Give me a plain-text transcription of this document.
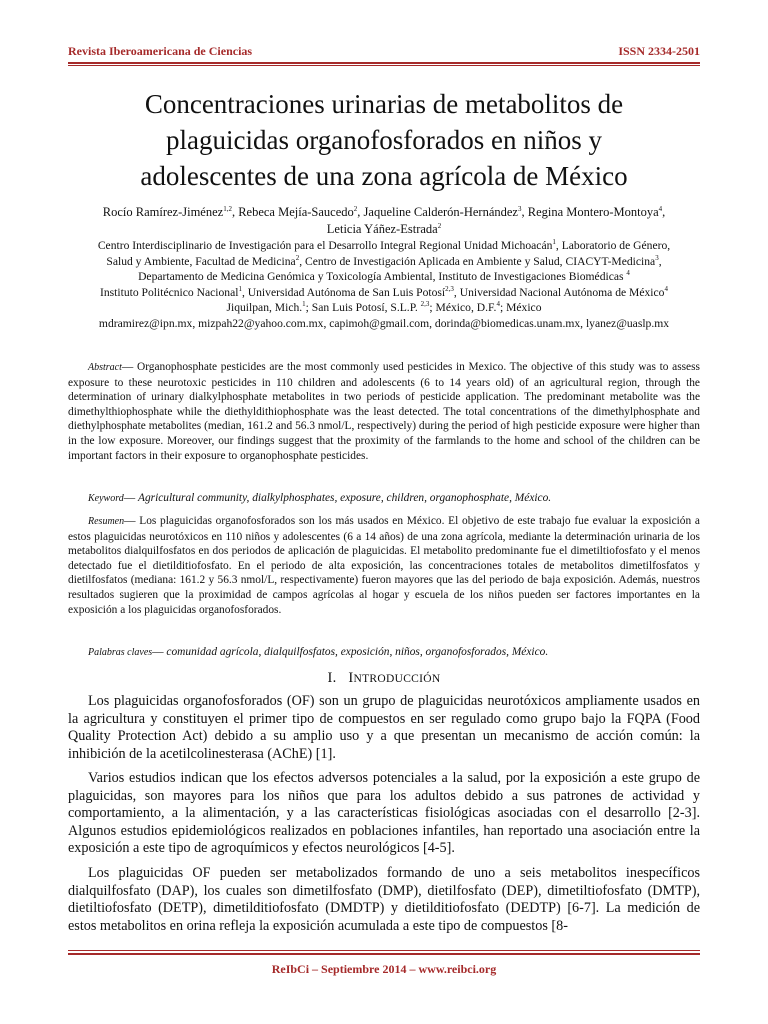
Revista Iberoamericana de Ciencias	ISSN 2334-2501
Concentraciones urinarias de metabolitos de
plaguicidas organofosforados en niños y
adolescentes de una zona agrícola de México
Rocío Ramírez-Jiménez$^{1,2}$, Rebeca Mejía-Saucedo$^2$, Jaqueline Calderón-Hernández$^3$, Regina Montero-Montoya$^4$,
Leticia Yáñez-Estrada$^2$
Centro Interdisciplinario de Investigación para el Desarrollo Integral Regional Unidad Michoacán$^1$, Laboratorio de Género,
Salud y Ambiente, Facultad de Medicina$^2$, Centro de Investigación Aplicada en Ambiente y Salud, CIACYT-Medicina$^3$,
Departamento de Medicina Genómica y Toxicología Ambiental, Instituto de Investigaciones Biomédicas $^4$
Instituto Politécnico Nacional$^1$, Universidad Autónoma de San Luis Potosí$^{2,3}$, Universidad Nacional Autónoma de México$^4$
Jiquilpan, Mich.$^1$; San Luis Potosí, S.L.P. $^{2,3}$; México, D.F.$^4$; México
mdramirez@ipn.mx, mizpah22@yahoo.com.mx, capimoh@gmail.com, dorinda@biomedicas.unam.mx, lyanez@uaslp.mx
Abstract— Organophosphate pesticides are the most commonly used pesticides in Mexico. The objective of this study was to assess exposure to these neurotoxic pesticides in 110 children and adolescents (6 to 14 years old) of an agricultural region, through the determination of urinary dialkylphosphate metabolites in two periods of pesticide application. The predominant metabolite was the dimethylthiophosphate while the diethyldithiophosphate was the least detected. The total concentrations of the dimethylphosphate and diethylphosphate metabolites (median, 161.2 and 56.3 nmol/L, respectively) during the period of high pesticide exposure were higher than in the low exposure. Moreover, our findings suggest that the proximity of the farmlands to the home and school of the children can be important factors in their exposure to organophosphate pesticides.
Keyword— Agricultural community, dialkylphosphates, exposure, children, organophosphate, México.
Resumen— Los plaguicidas organofosforados son los más usados en México. El objetivo de este trabajo fue evaluar la exposición a estos plaguicidas neurotóxicos en 110 niños y adolescentes (6 a 14 años) de una zona agrícola, mediante la determinación urinaria de los metabolitos dialquilfosfatos en dos periodos de aplicación de plaguicidas. El metabolito predominante fue el dimetiltiofosfato y el menos detectado fue el dietilditiofosfato. En el periodo de alta exposición, las concentraciones totales de metabolitos dimetilfosfatos y dietilfosfatos (mediana: 161.2 y 56.3 nmol/L, respectivamente) fueron mayores que las del periodo de baja exposición. Además, nuestros resultados sugieren que la proximidad de campos agrícolas al hogar y escuela de los niños pueden ser factores importantes en la exposición a los plaguicidas organofosforados.
Palabras claves— comunidad agrícola, dialquilfosfatos, exposición, niños, organofosforados, México.
I. INTRODUCCIÓN
Los plaguicidas organofosforados (OF) son un grupo de plaguicidas neurotóxicos ampliamente usados en la agricultura y constituyen el primer tipo de compuestos en ser regulado como grupo bajo la FQPA (Food Quality Protection Act) debido a su amplio uso y a que presentan un mecanismo de acción común: la inhibición de la acetilcolinesterasa (AChE) [1].
Varios estudios indican que los efectos adversos potenciales a la salud, por la exposición a este grupo de plaguicidas, son mayores para los niños que para los adultos debido a sus patrones de actividad y comportamiento, a la alimentación, y a las características fisiológicas asociadas con el desarrollo [2-3]. Algunos estudios epidemiológicos realizados en poblaciones infantiles, han reportado una asociación entre la exposición a este tipo de agroquímicos y efectos neurológicos [4-5].
Los plaguicidas OF pueden ser metabolizados formando de uno a seis metabolitos inespecíficos dialquilfosfato (DAP), los cuales son dimetilfosfato (DMP), dietilfosfato (DEP), dimetiltiofosfato (DMTP), dietiltiofosfato (DETP), dimetilditiofosfato (DMDTP) y dietilditiofosfato (DEDTP) [6-7]. La medición de estos metabolitos en orina refleja la exposición acumulada a este tipo de compuestos [8-
ReIbCi – Septiembre 2014 – www.reibci.org
